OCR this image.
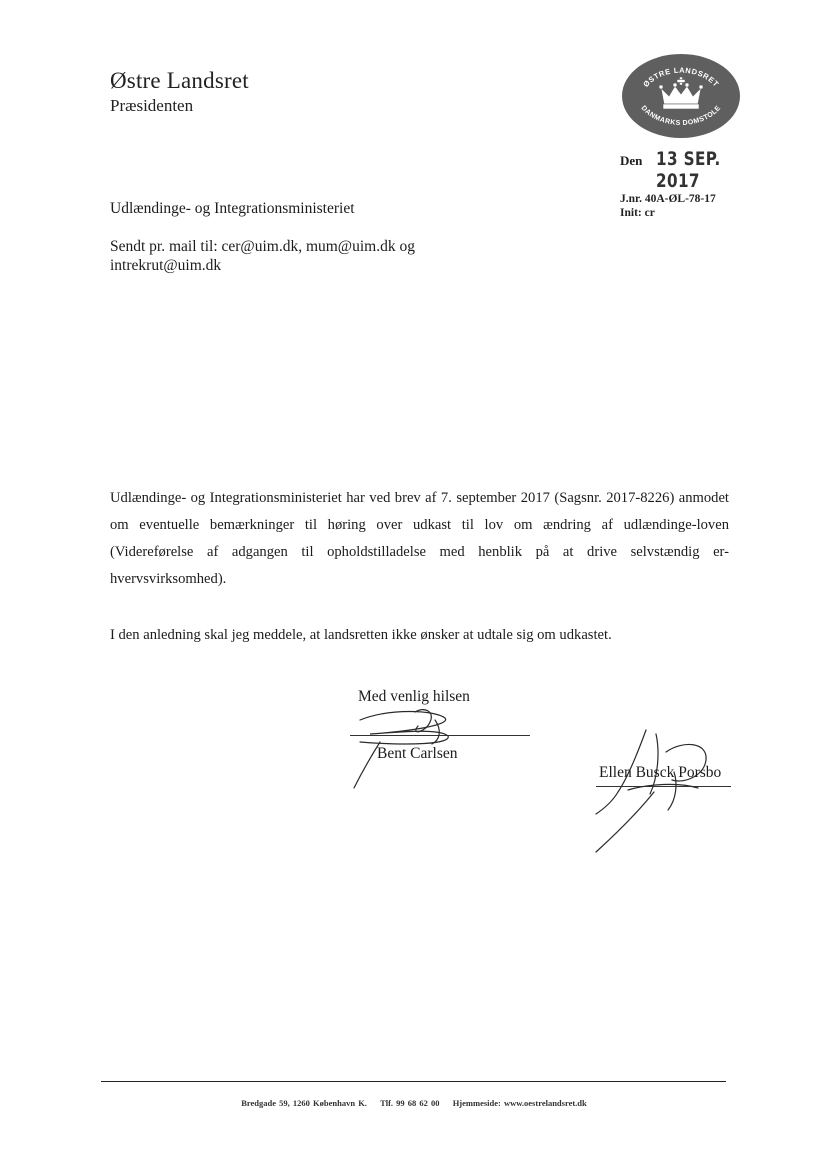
Østre Landsret
Præsidenten
ØSTRE LANDSRET
DANMARKS DOMSTOLE
Den 13 SEP. 2017
J.nr. 40A-ØL-78-17
Init: cr
Udlændinge- og Integrationsministeriet
Sendt pr. mail til: cer@uim.dk, mum@uim.dk og
intrekrut@uim.dk

Udlændinge- og Integrationsministeriet har ved brev af 7. september 2017 (Sagsnr. 2017-8226) anmodet om eventuelle bemærkninger til høring over udkast til lov om ændring af udlændinge-loven (Videreførelse af adgangen til opholdstilladelse med henblik på at drive selvstændig er-hvervsvirksomhed).

I den anledning skal jeg meddele, at landsretten ikke ønsker at udtale sig om udkastet.

Med venlig hilsen
Bent Carlsen
Ellen Busck Porsbo
Bredgade 59, 1260 København K. Tlf. 99 68 62 00 Hjemmeside: www.oestrelandsret.dk
